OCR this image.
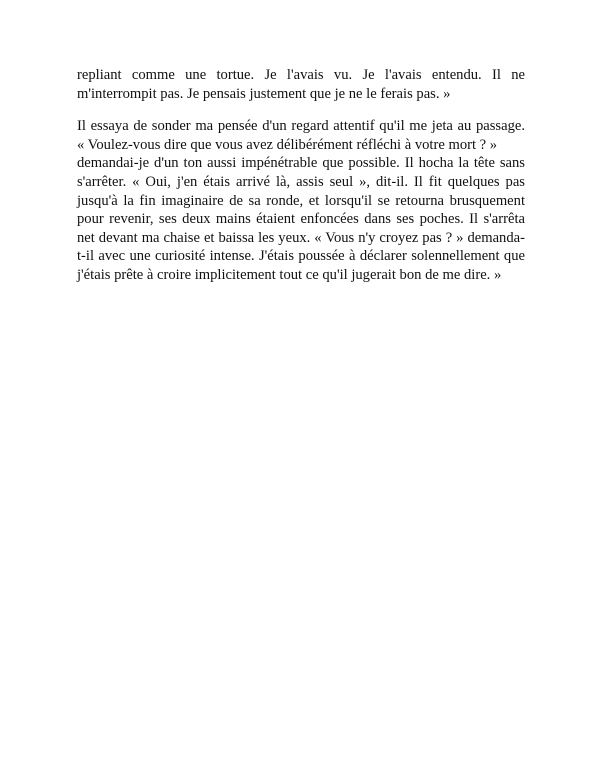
repliant comme une tortue. Je l'avais vu. Je l'avais entendu. Il ne
m'interrompit pas. Je pensais justement que je ne le ferais pas. »

Il essaya de sonder ma pensée d'un regard attentif qu'il me jeta au passage.
« Voulez-vous dire que vous avez délibérément réfléchi à votre mort ? »
demandai-je d'un ton aussi impénétrable que possible. Il hocha la tête sans
s'arrêter. « Oui, j'en étais arrivé là, assis seul », dit-il. Il fit quelques pas
jusqu'à la fin imaginaire de sa ronde, et lorsqu'il se retourna brusquement
pour revenir, ses deux mains étaient enfoncées dans ses poches. Il s'arrêta
net devant ma chaise et baissa les yeux. « Vous n'y croyez pas ? » demanda-
t-il avec une curiosité intense. J'étais poussée à déclarer solennellement que
j'étais prête à croire implicitement tout ce qu'il jugerait bon de me dire. »
